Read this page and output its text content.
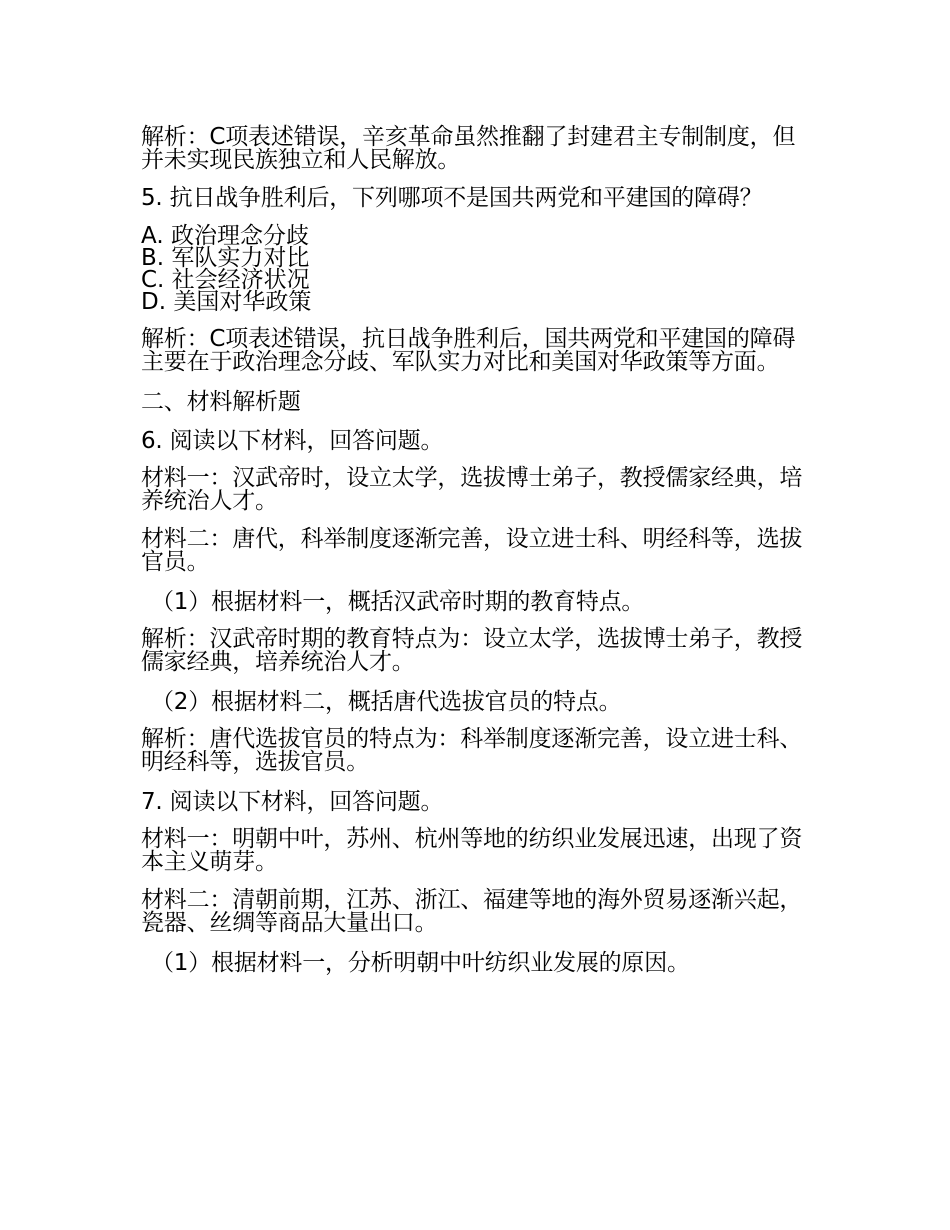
解析：C项表述错误，辛亥革命虽然推翻了封建君主专制制度，但并未实现民族独立和人民解放。

5. 抗日战争胜利后，下列哪项不是国共两党和平建国的障碍？

A. 政治理念分歧

B. 军队实力对比

C. 社会经济状况

D. 美国对华政策

解析：C项表述错误，抗日战争胜利后，国共两党和平建国的障碍主要在于政治理念分歧、军队实力对比和美国对华政策等方面。

二、材料解析题

6. 阅读以下材料，回答问题。

材料一：汉武帝时，设立太学，选拔博士弟子，教授儒家经典，培养统治人才。

材料二：唐代，科举制度逐渐完善，设立进士科、明经科等，选拔官员。

（1）根据材料一，概括汉武帝时期的教育特点。

解析：汉武帝时期的教育特点为：设立太学，选拔博士弟子，教授儒家经典，培养统治人才。

（2）根据材料二，概括唐代选拔官员的特点。

解析：唐代选拔官员的特点为：科举制度逐渐完善，设立进士科、明经科等，选拔官员。

7. 阅读以下材料，回答问题。

材料一：明朝中叶，苏州、杭州等地的纺织业发展迅速，出现了资本主义萌芽。

材料二：清朝前期，江苏、浙江、福建等地的海外贸易逐渐兴起，瓷器、丝绸等商品大量出口。

（1）根据材料一，分析明朝中叶纺织业发展的原因。
